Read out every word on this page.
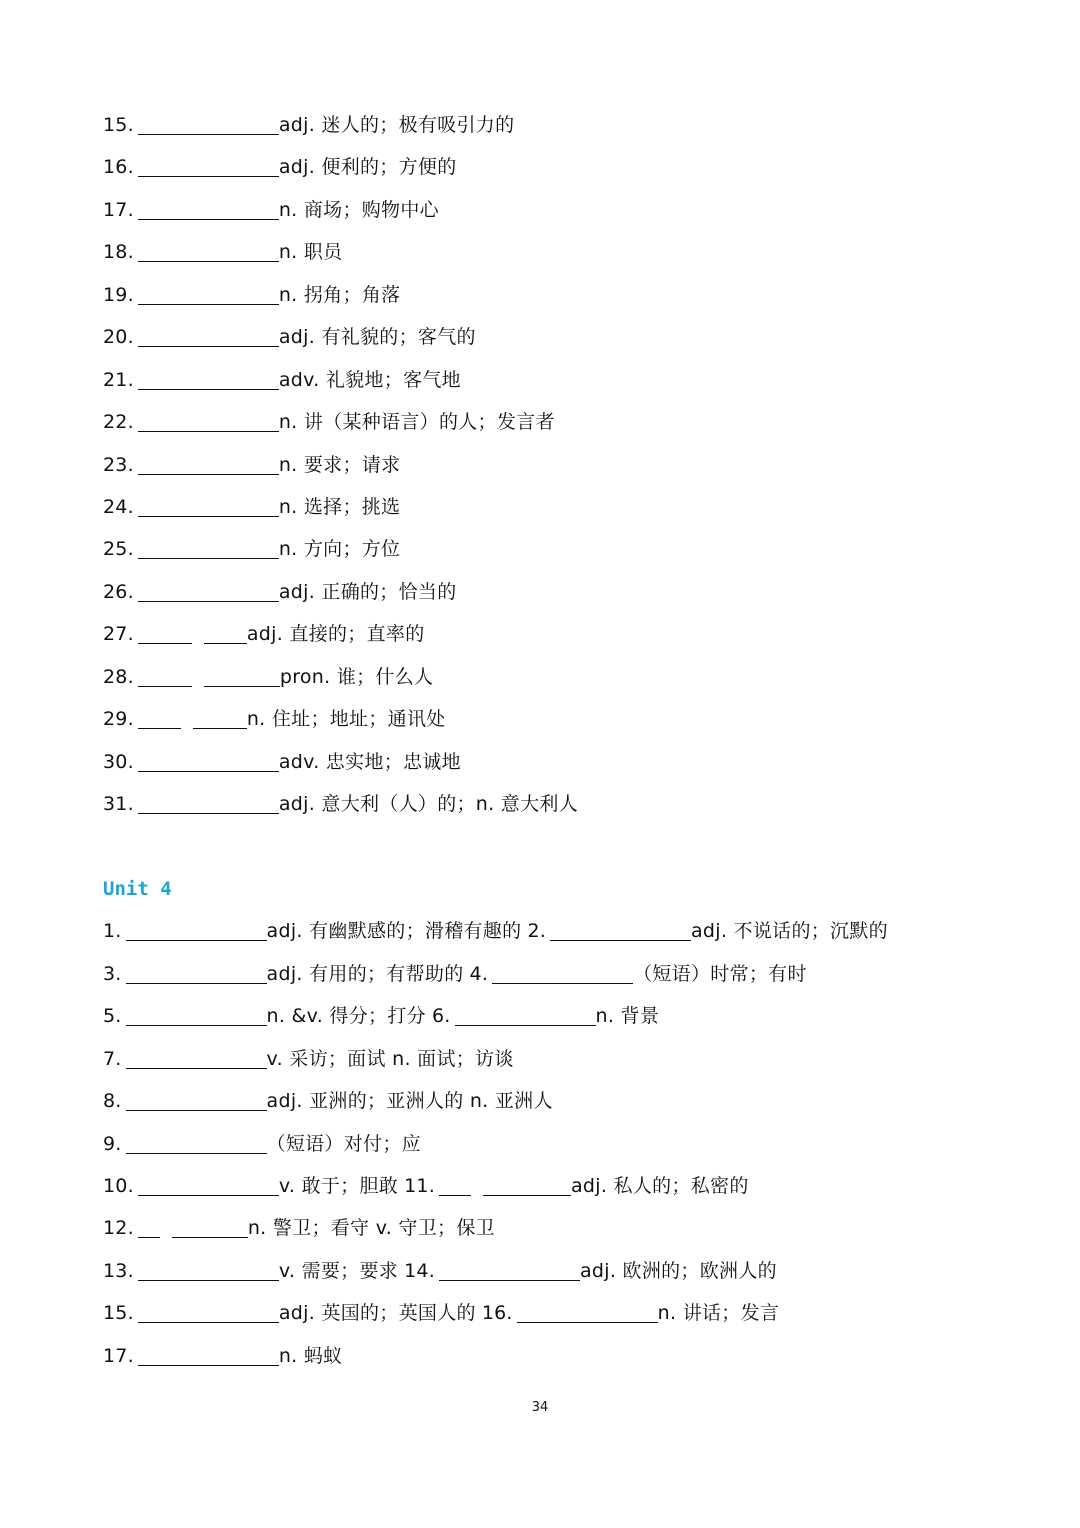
15.	adj. 迷人的；极有吸引力的
16.	adj. 便利的；方便的
17.	n. 商场；购物中心
18.	n. 职员
19.	n. 拐角；角落
20.	adj. 有礼貌的；客气的
21.	adv. 礼貌地；客气地
22.	n. 讲（某种语言）的人；发言者
23.	n. 要求；请求
24.	n. 选择；挑选
25.	n. 方向；方位
26.	adj. 正确的；恰当的
27.	adj. 直接的；直率的
28.	pron. 谁；什么人
29.	n. 住址；地址；通讯处
30.	adv. 忠实地；忠诚地
31.	adj. 意大利（人）的；n. 意大利人
Unit 4
1.	adj. 有幽默感的；滑稽有趣的 2.	adj. 不说话的；沉默的
3.	adj. 有用的；有帮助的 4.	（短语）时常；有时
5.	n. &v. 得分；打分 6.	n. 背景
7.	v. 采访；面试 n. 面试；访谈
8.	adj. 亚洲的；亚洲人的 n. 亚洲人
9.	（短语）对付；应
10.	v. 敢于；胆敢 11.	adj. 私人的；私密的
12.	n. 警卫；看守 v. 守卫；保卫
13.	v. 需要；要求 14.	adj. 欧洲的；欧洲人的
15.	adj. 英国的；英国人的 16.	n. 讲话；发言
17.	n. 蚂蚁
34
